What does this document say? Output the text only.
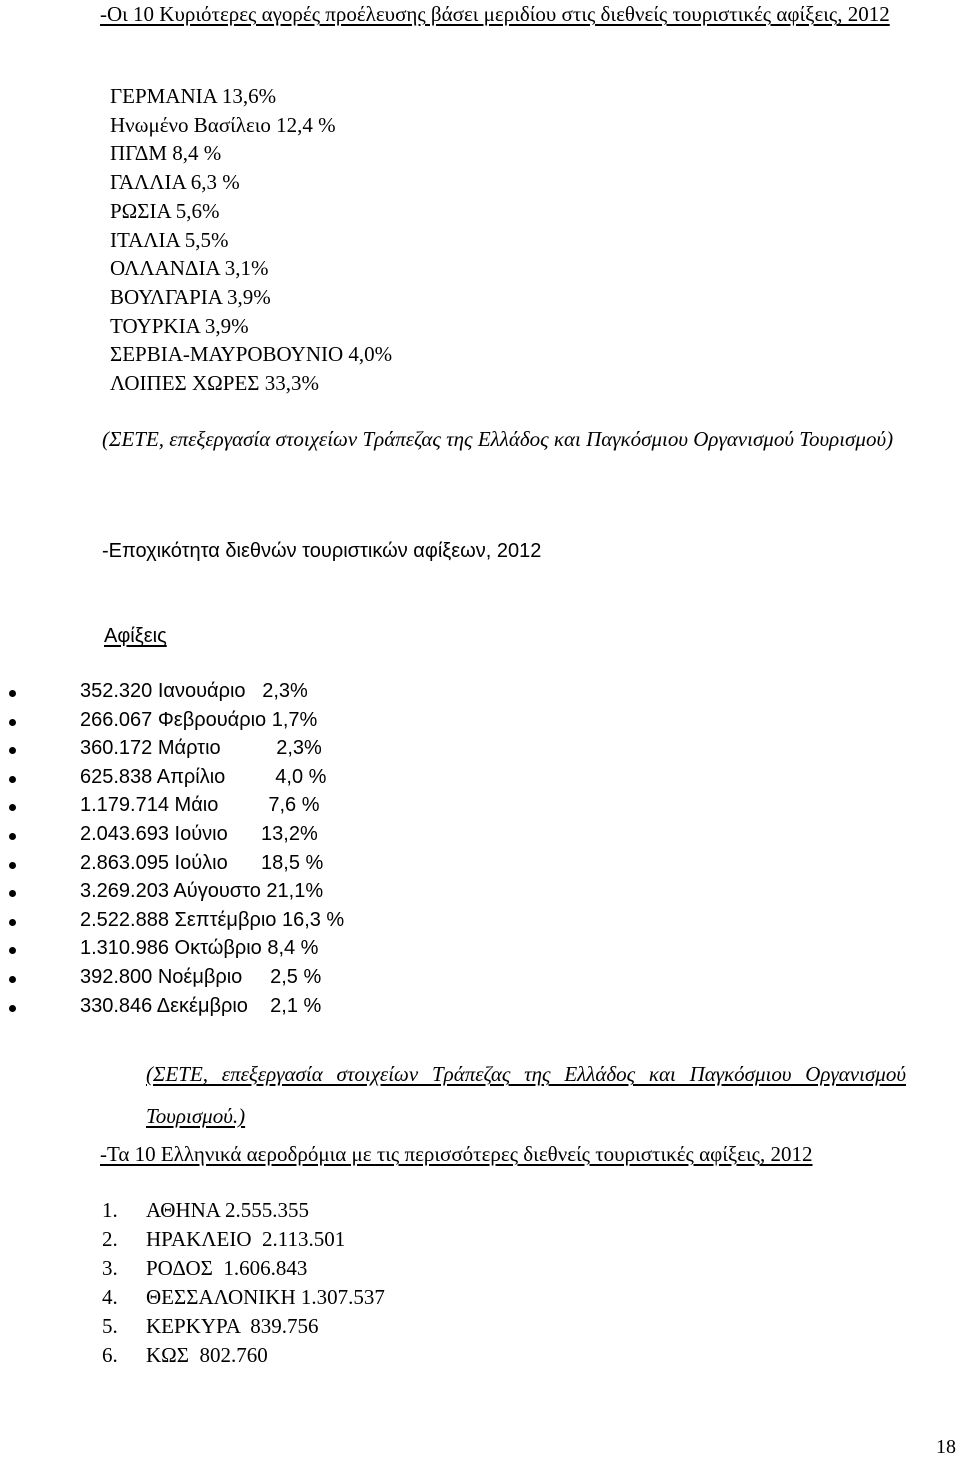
-Οι 10 Κυριότερες αγορές προέλευσης βάσει μεριδίου στις διεθνείς τουριστικές αφίξεις, 2012
ΓΕΡΜΑΝΙΑ 13,6%
Ηνωμένο Βασίλειο 12,4 %
ΠΓΔΜ 8,4 %
ΓΑΛΛΙΑ 6,3 %
ΡΩΣΙΑ 5,6%
ΙΤΑΛΙΑ 5,5%
ΟΛΛΑΝΔΙΑ 3,1%
ΒΟΥΛΓΑΡΙΑ 3,9%
ΤΟΥΡΚΙΑ 3,9%
ΣΕΡΒΙΑ-ΜΑΥΡΟΒΟΥΝΙΟ 4,0%
ΛΟΙΠΕΣ ΧΩΡΕΣ 33,3%
(ΣΕΤΕ, επεξεργασία στοιχείων Τράπεζας της Ελλάδος και Παγκόσμιου Οργανισμού Τουρισμού)
-Εποχικότητα διεθνών τουριστικών αφίξεων, 2012
Αφίξεις
352.320 Ιανουάριο   2,3%
266.067 Φεβρουάριο 1,7%
360.172 Μάρτιο          2,3%
625.838 Απρίλιο         4,0 %
1.179.714 Μάιο         7,6 %
2.043.693 Ιούνιο      13,2%
2.863.095 Ιούλιο      18,5 %
3.269.203 Αύγουστο 21,1%
2.522.888 Σεπτέμβριο 16,3 %
1.310.986 Οκτώβριο 8,4 %
392.800 Νοέμβριο     2,5 %
330.846 Δεκέμβριο    2,1 %
(ΣΕΤΕ, επεξεργασία στοιχείων Τράπεζας της Ελλάδος και Παγκόσμιου Οργανισμού Τουρισμού.)
-Τα 10 Ελληνικά αεροδρόμια με τις περισσότερες διεθνείς τουριστικές αφίξεις, 2012
1. ΑΘΗΝΑ 2.555.355
2. ΗΡΑΚΛΕΙΟ  2.113.501
3. ΡΟΔΟΣ  1.606.843
4. ΘΕΣΣΑΛΟΝΙΚΗ 1.307.537
5. ΚΕΡΚΥΡΑ  839.756
6. ΚΩΣ  802.760
18
